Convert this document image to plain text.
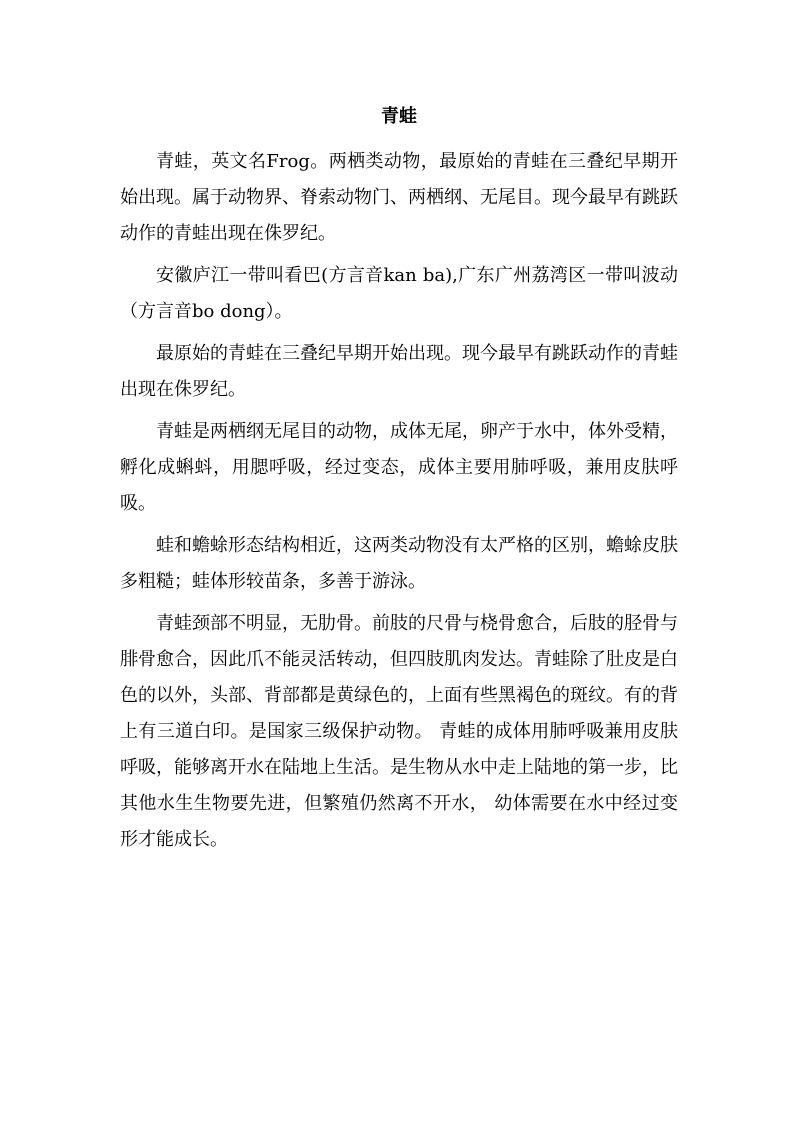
青蛙

青蛙，英文名Frog。两栖类动物，最原始的青蛙在三叠纪早期开始出现。属于动物界、脊索动物门、两栖纲、无尾目。现今最早有跳跃动作的青蛙出现在侏罗纪。

安徽庐江一带叫看巴(方言音kan ba),广东广州荔湾区一带叫波动（方言音bo dong）。

最原始的青蛙在三叠纪早期开始出现。现今最早有跳跃动作的青蛙出现在侏罗纪。

青蛙是两栖纲无尾目的动物，成体无尾，卵产于水中，体外受精，孵化成蝌蚪，用腮呼吸，经过变态，成体主要用肺呼吸，兼用皮肤呼吸。

蛙和蟾蜍形态结构相近，这两类动物没有太严格的区别，蟾蜍皮肤多粗糙；蛙体形较苗条，多善于游泳。

青蛙颈部不明显，无肋骨。前肢的尺骨与桡骨愈合，后肢的胫骨与腓骨愈合，因此爪不能灵活转动，但四肢肌肉发达。青蛙除了肚皮是白色的以外，头部、背部都是黄绿色的，上面有些黑褐色的斑纹。有的背上有三道白印。是国家三级保护动物。 青蛙的成体用肺呼吸兼用皮肤呼吸，能够离开水在陆地上生活。是生物从水中走上陆地的第一步，比其他水生生物要先进，但繁殖仍然离不开水， 幼体需要在水中经过变形才能成长。
